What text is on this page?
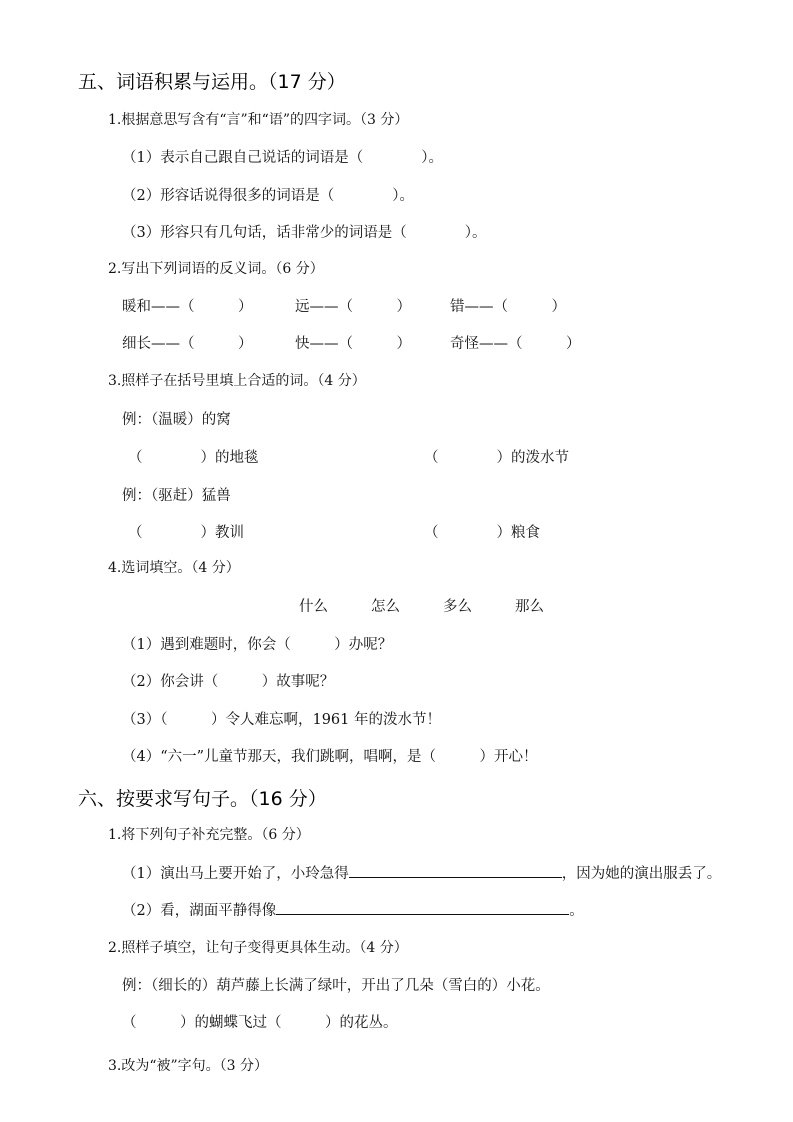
五、词语积累与运用。（17 分）
1.根据意思写含有“言”和“语”的四字词。（3 分）
（1）表示自己跟自己说话的词语是（　　　　）。
（2）形容话说得很多的词语是（　　　　）。
（3）形容只有几句话，话非常少的词语是（　　　　）。
2.写出下列词语的反义词。（6 分）
暖和——（　　　）	远——（　　　）	错——（　　　）
细长——（　　　）	快——（　　　）	奇怪——（　　　）
3.照样子在括号里填上合适的词。（4 分）
例：（温暖）的窝
（　　　　）的地毯	（　　　　）的泼水节
例：（驱赶）猛兽
（　　　　）教训	（　　　　）粮食
4.选词填空。（4 分）
什么	怎么	多么	那么
（1）遇到难题时，你会（　　　）办呢？
（2）你会讲（　　　）故事呢？
（3）（　　　）令人难忘啊，1961 年的泼水节！
（4）“六一”儿童节那天，我们跳啊，唱啊，是（　　　）开心！
六、按要求写句子。（16 分）
1.将下列句子补充完整。（6 分）
（1）演出马上要开始了，小玲急得	，因为她的演出服丢了。
（2）看，湖面平静得像	。
2.照样子填空，让句子变得更具体生动。（4 分）
例：（细长的）葫芦藤上长满了绿叶，开出了几朵（雪白的）小花。
（　　　）的蝴蝶飞过（　　　）的花丛。
3.改为“被”字句。（3 分）
